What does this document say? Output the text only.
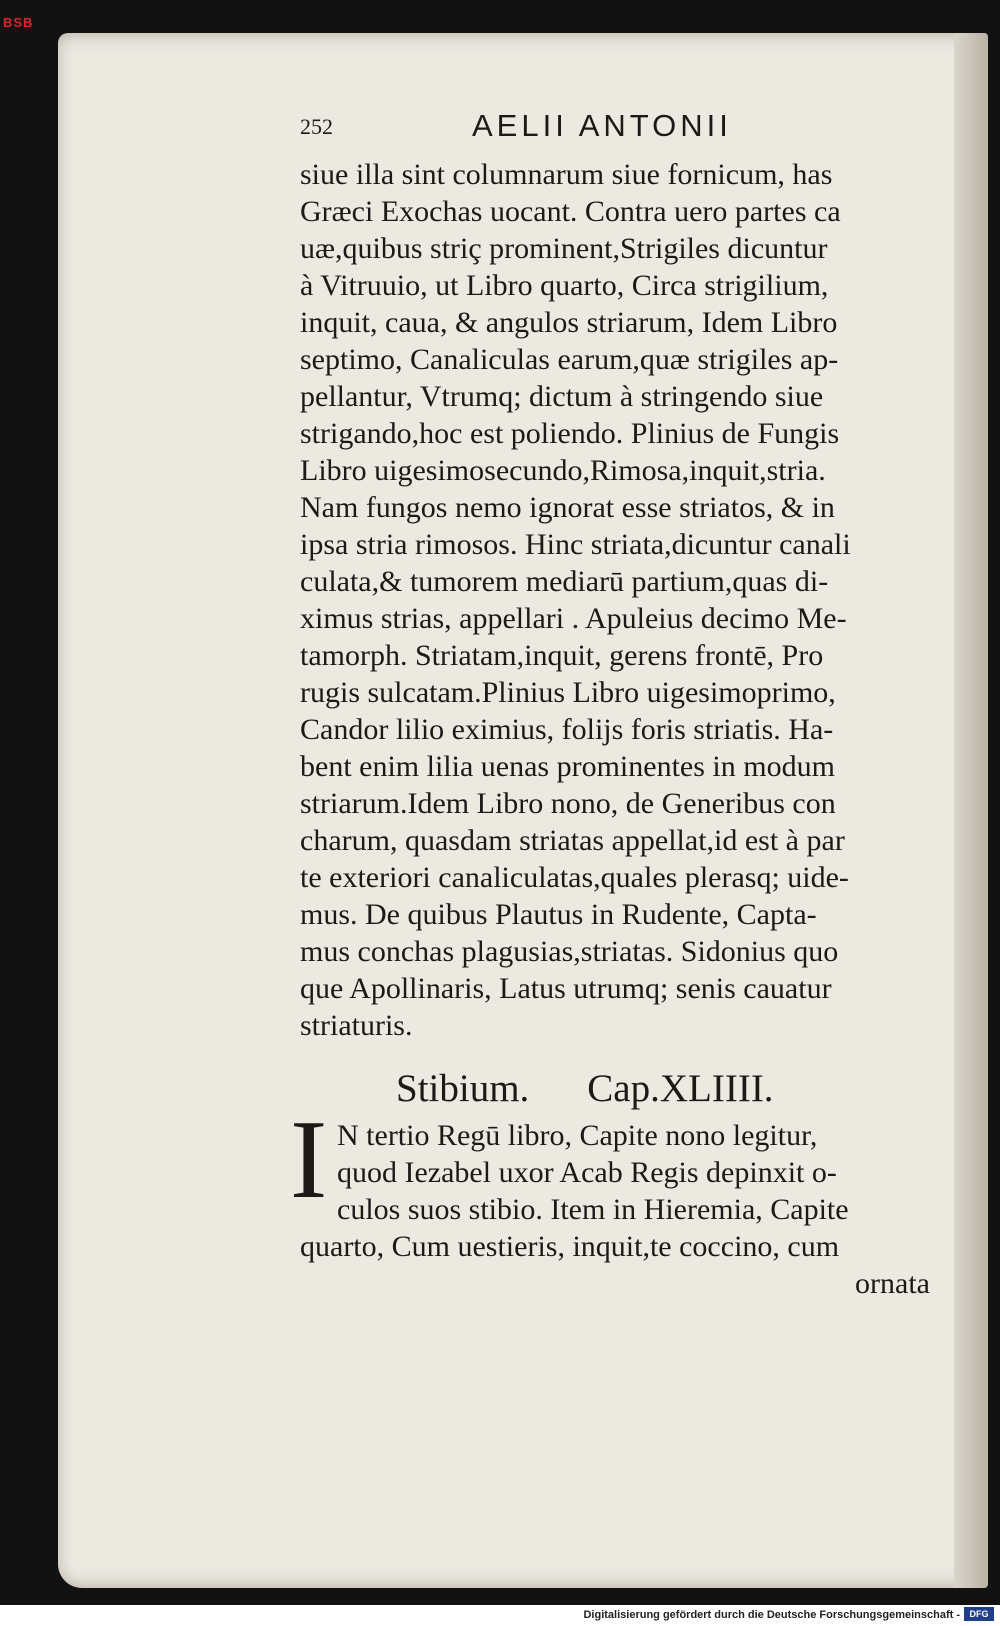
BSB
252	AELII ANTONII
siue illa sint columnarum siue fornicum, has
Græci Exochas uocant. Contra uero partes ca
uæ,quibus striç prominent,Strigiles dicuntur
à Vitruuio, ut Libro quarto, Circa strigilium,
inquit, caua, & angulos striarum, Idem Libro
septimo, Canaliculas earum,quæ strigiles ap-
pellantur, Vtrumq; dictum à stringendo siue
strigando,hoc est poliendo. Plinius de Fungis
Libro uigesimosecundo,Rimosa,inquit,stria.
Nam fungos nemo ignorat esse striatos, & in
ipsa stria rimosos. Hinc striata,dicuntur canali
culata,& tumorem mediarū partium,quas di-
ximus strias, appellari . Apuleius decimo Me-
tamorph. Striatam,inquit, gerens frontē, Pro
rugis sulcatam.Plinius Libro uigesimoprimo,
Candor lilio eximius, folijs foris striatis. Ha-
bent enim lilia uenas prominentes in modum
striarum.Idem Libro nono, de Generibus con
charum, quasdam striatas appellat,id est à par
te exteriori canaliculatas,quales plerasq; uide-
mus. De quibus Plautus in Rudente, Capta-
mus conchas plagusias,striatas. Sidonius quo
que Apollinaris, Latus utrumq; senis cauatur
striaturis.
Stibium. Cap.XLIIII.
I N tertio Regū libro, Capite nono legitur,
quod Iezabel uxor Acab Regis depinxit o-
culos suos stibio. Item in Hieremia, Capite
quarto, Cum uestieris, inquit,te coccino, cum
ornata
Digitalisierung gefördert durch die Deutsche Forschungsgemeinschaft -	DFG
